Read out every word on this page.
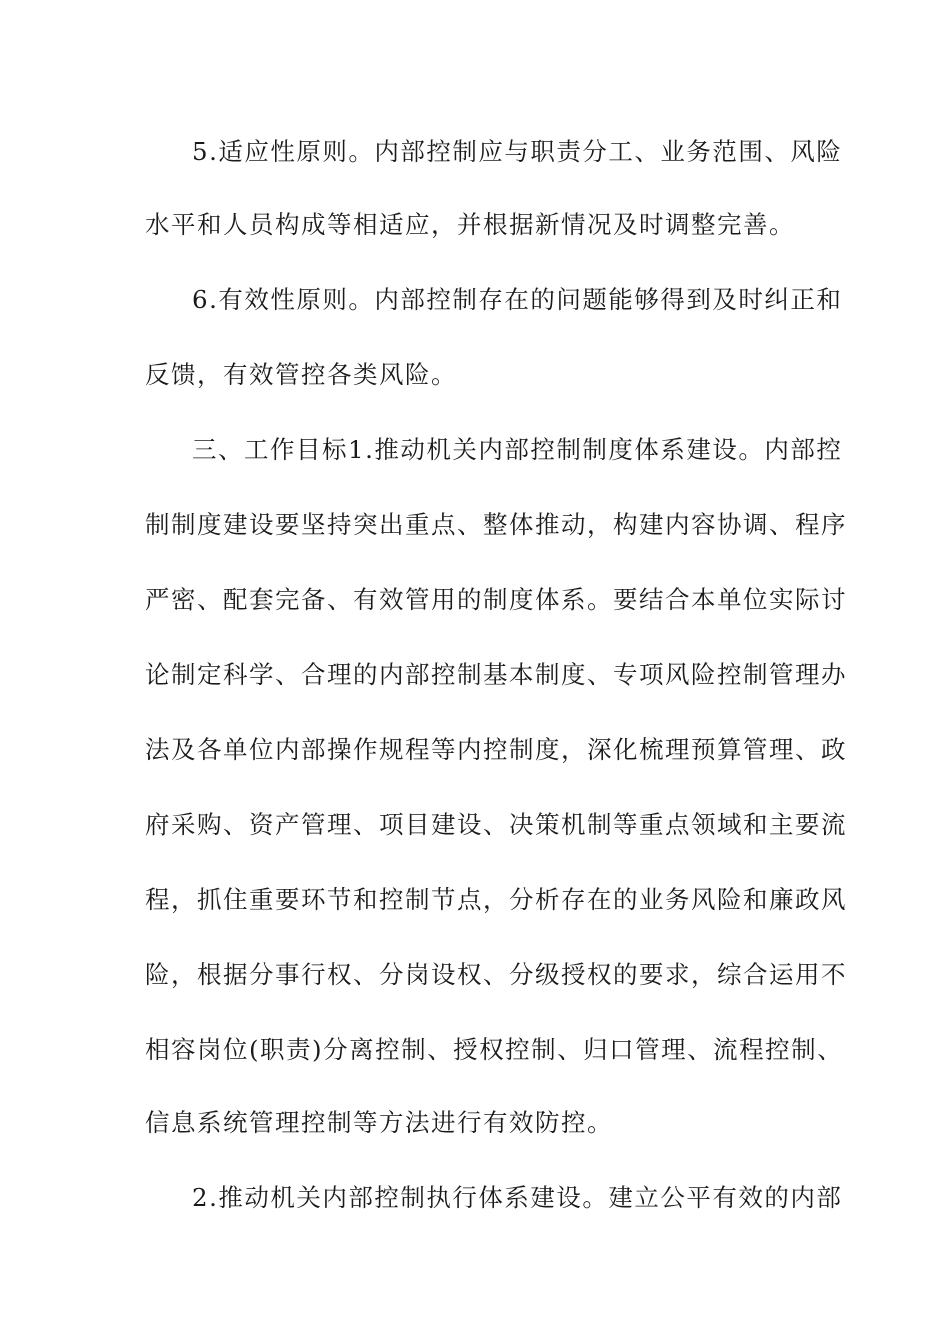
5.适应性原则。内部控制应与职责分工、业务范围、风险
水平和人员构成等相适应，并根据新情况及时调整完善。
6.有效性原则。内部控制存在的问题能够得到及时纠正和
反馈，有效管控各类风险。
三、工作目标1.推动机关内部控制制度体系建设。内部控
制制度建设要坚持突出重点、整体推动，构建内容协调、程序
严密、配套完备、有效管用的制度体系。要结合本单位实际讨
论制定科学、合理的内部控制基本制度、专项风险控制管理办
法及各单位内部操作规程等内控制度，深化梳理预算管理、政
府采购、资产管理、项目建设、决策机制等重点领域和主要流
程，抓住重要环节和控制节点，分析存在的业务风险和廉政风
险，根据分事行权、分岗设权、分级授权的要求，综合运用不
相容岗位(职责)分离控制、授权控制、归口管理、流程控制、
信息系统管理控制等方法进行有效防控。
2.推动机关内部控制执行体系建设。建立公平有效的内部
